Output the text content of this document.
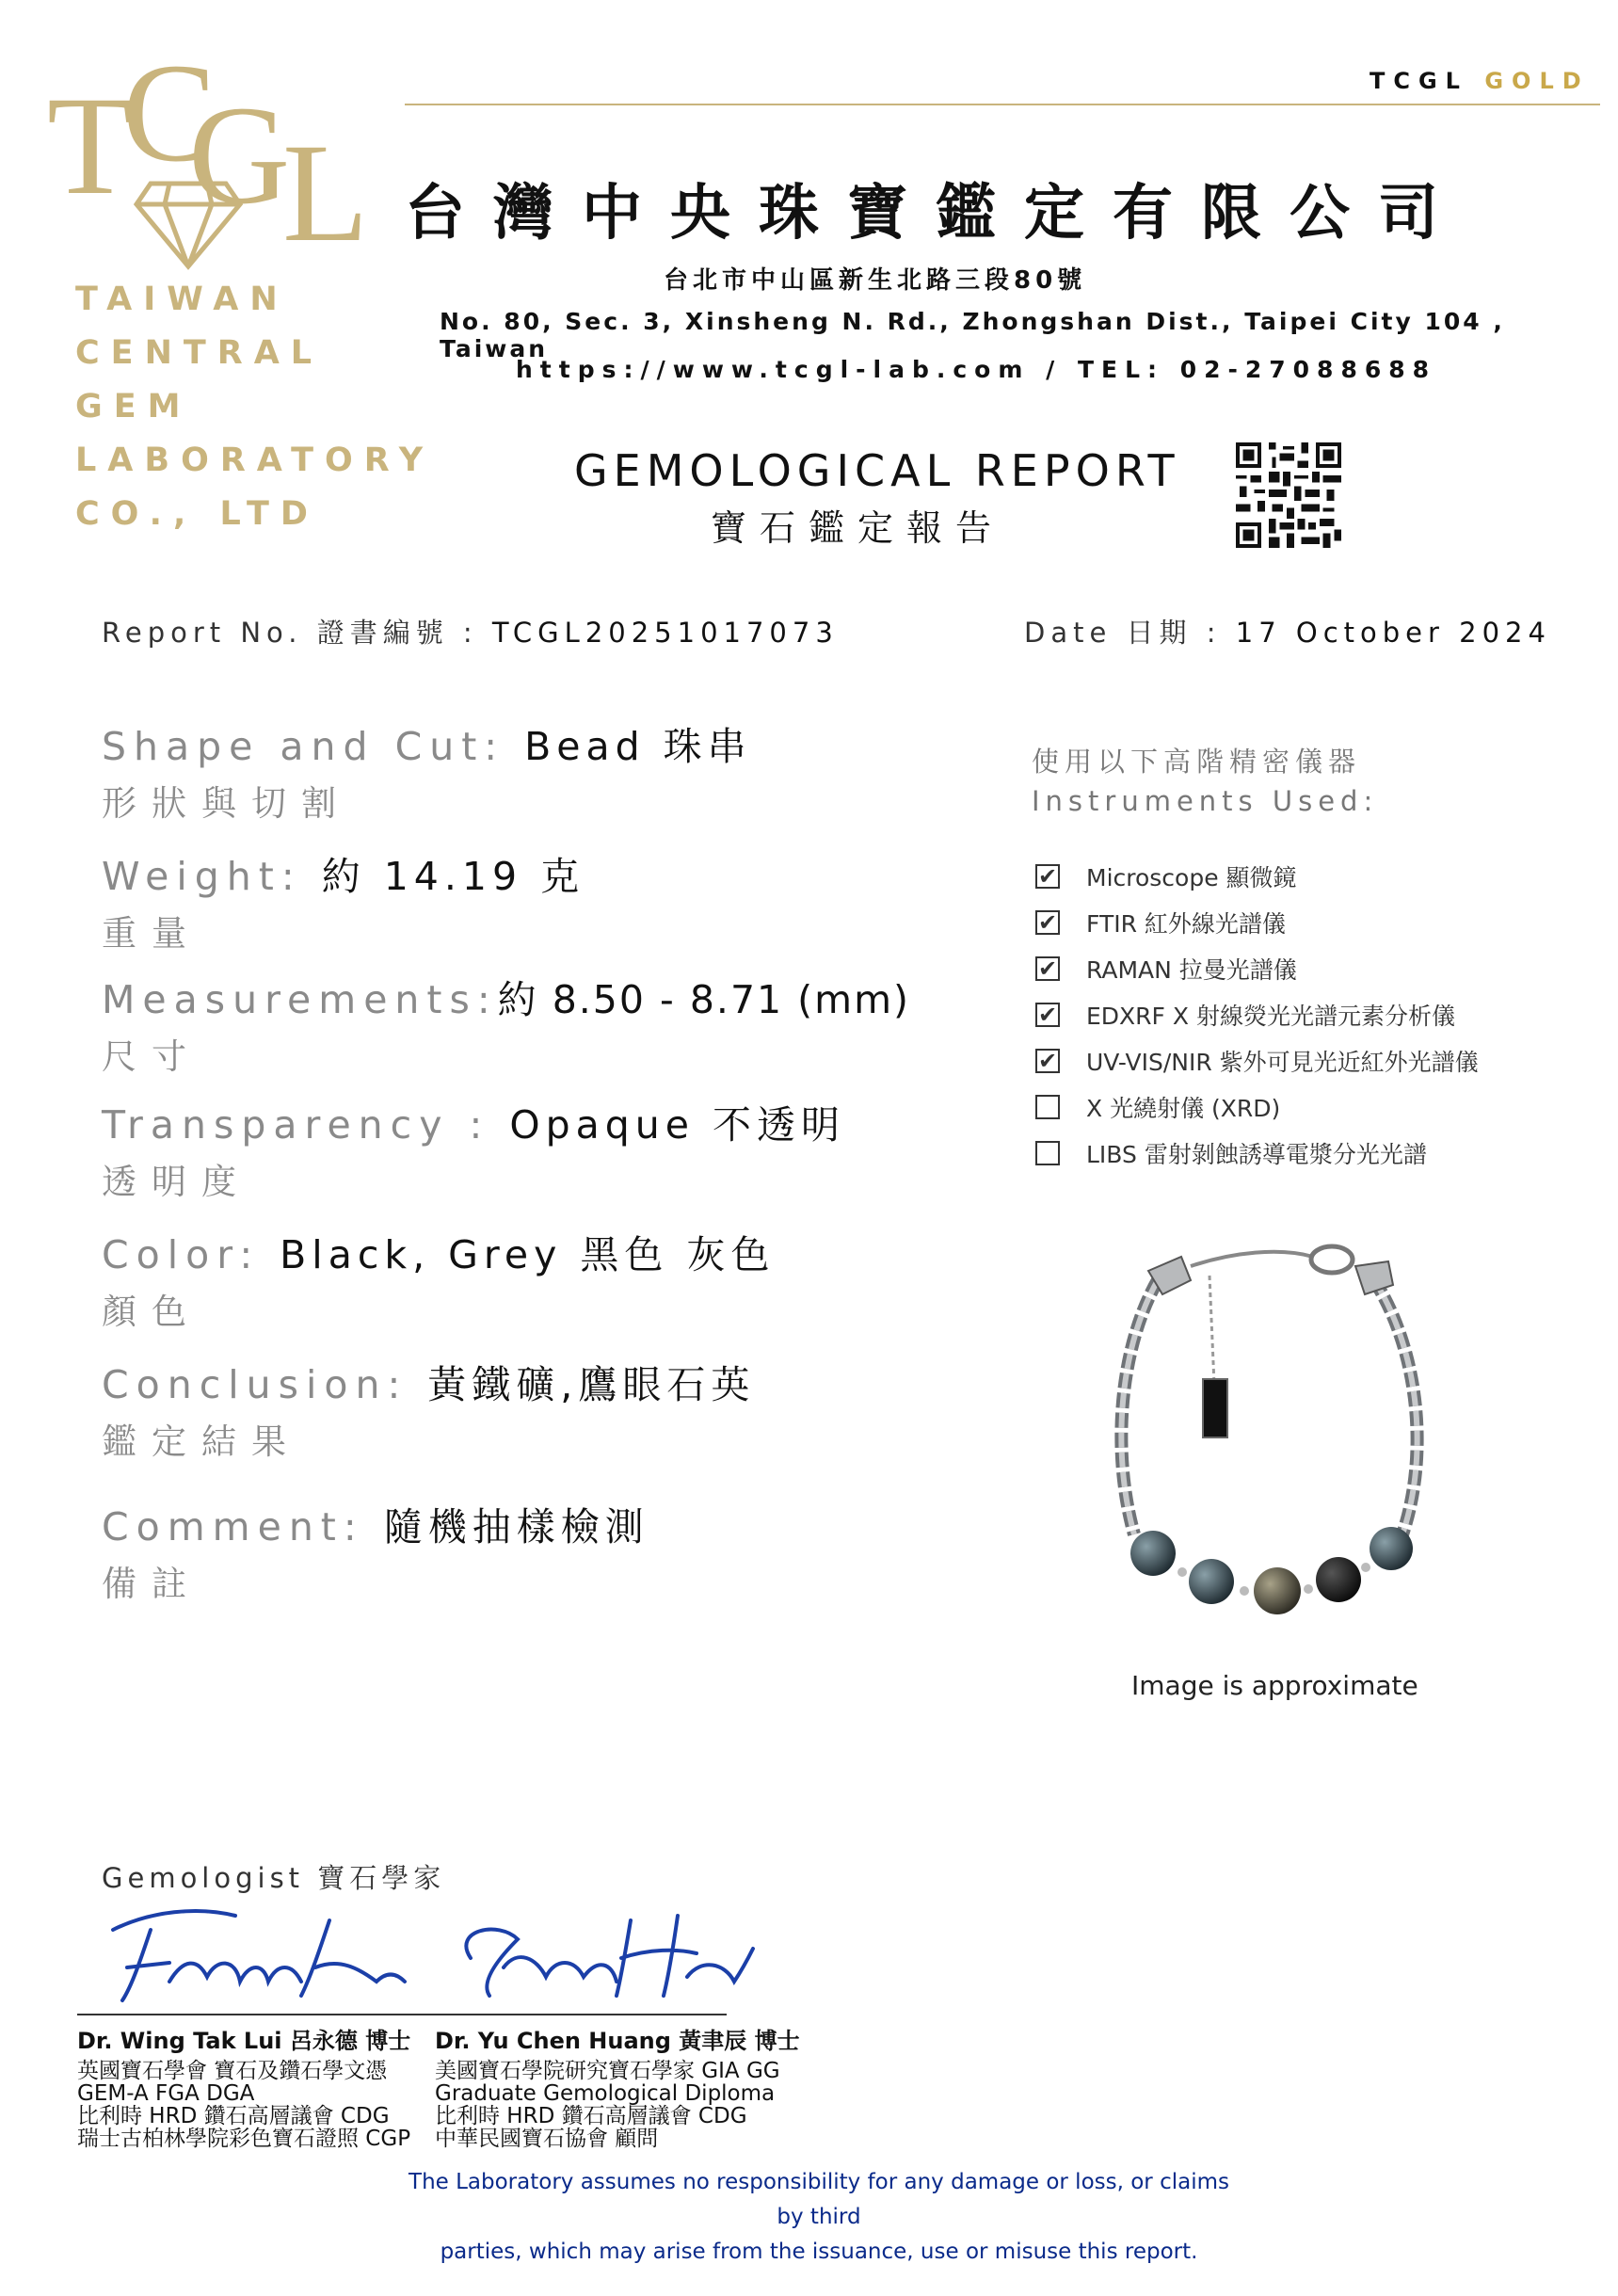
T
C
G
L
TAIWAN
CENTRAL
GEM
LABORATORY
CO., LTD
TCGL GOLD
台灣中央珠寶鑑定有限公司
台北市中山區新生北路三段80號
No. 80, Sec. 3, Xinsheng N. Rd., Zhongshan Dist., Taipei City 104 , Taiwan
https://www.tcgl-lab.com / TEL: 02-27088688
GEMOLOGICAL REPORT
寶石鑑定報告
Report No. 證書編號 : TCGL20251017073	Date 日期 : 17 October 2024
Shape and Cut: Bead 珠串
形狀與切割
Weight: 約 14.19 克
重量
Measurements:約 8.50 - 8.71 (mm)
尺寸
Transparency : Opaque 不透明
透明度
Color: Black, Grey 黑色 灰色
顏色
Conclusion: 黃鐵礦,鷹眼石英
鑑定結果
Comment: 隨機抽樣檢測
備註
使用以下高階精密儀器
Instruments Used:
✔ Microscope 顯微鏡
✔ FTIR 紅外線光譜儀
✔ RAMAN 拉曼光譜儀
✔ EDXRF X 射線熒光光譜元素分析儀
✔ UV-VIS/NIR 紫外可見光近紅外光譜儀
X 光繞射儀 (XRD)
LIBS 雷射剝蝕誘導電漿分光光譜
Image is approximate
Gemologist 寶石學家
Dr. Wing Tak Lui 呂永德 博士
英國寶石學會 寶石及鑽石學文憑
GEM-A FGA DGA
比利時 HRD 鑽石高層議會 CDG
瑞士古柏林學院彩色寶石證照 CGP
Dr. Yu Chen Huang 黃聿辰 博士
美國寶石學院研究寶石學家 GIA GG
Graduate Gemological Diploma
比利時 HRD 鑽石高層議會 CDG
中華民國寶石協會 顧問
The Laboratory assumes no responsibility for any damage or loss, or claims by third
parties, which may arise from the issuance, use or misuse this report.
